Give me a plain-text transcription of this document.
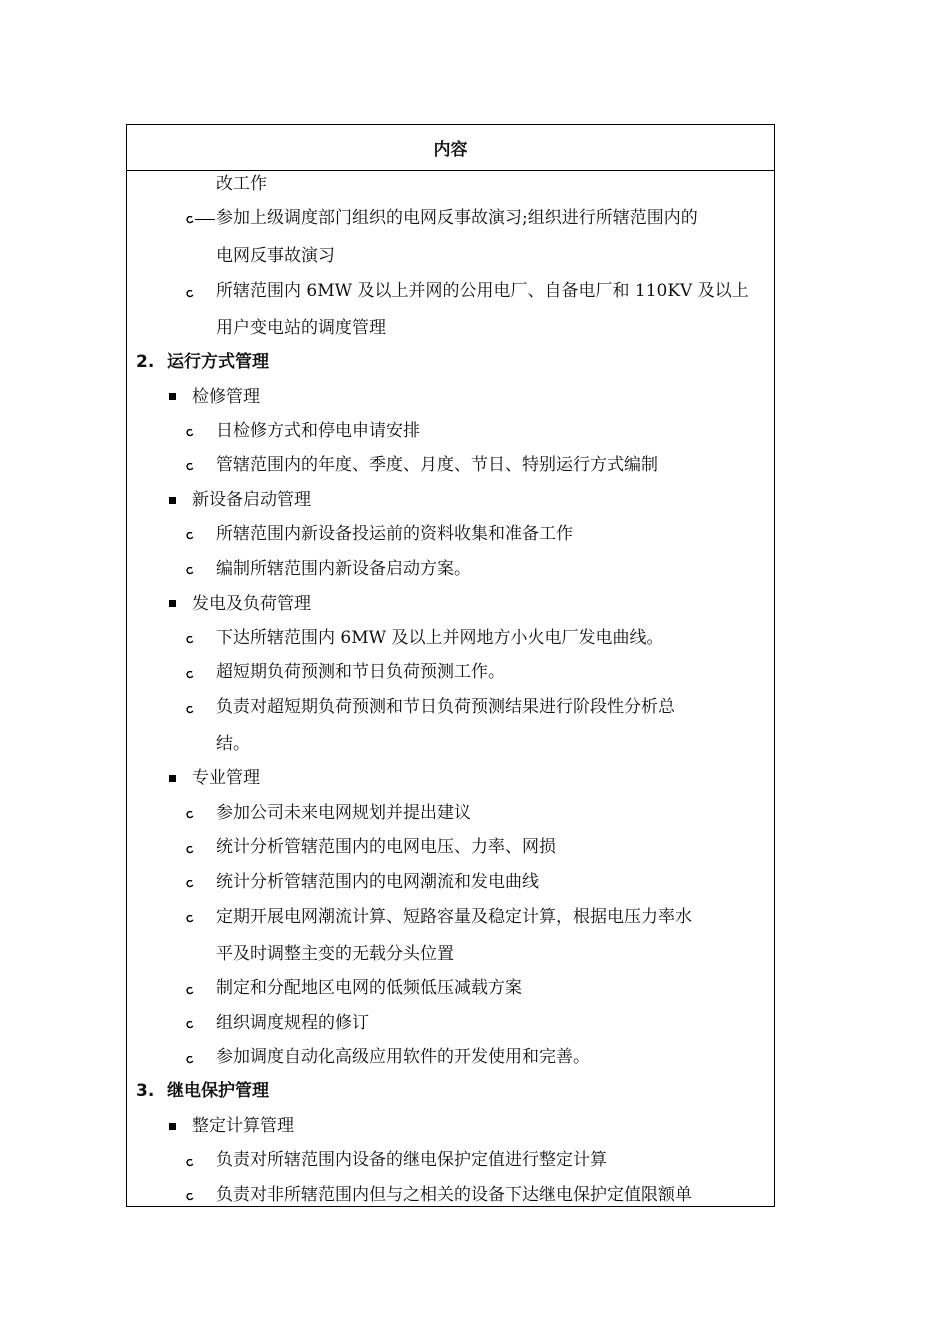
内容
改工作
参加上级调度部门组织的电网反事故演习;组织进行所辖范围内的
电网反事故演习
所辖范围内 6MW 及以上并网的公用电厂、自备电厂和 110KV 及以上
用户变电站的调度管理
2. 运行方式管理
检修管理
日检修方式和停电申请安排
管辖范围内的年度、季度、月度、节日、特别运行方式编制
新设备启动管理
所辖范围内新设备投运前的资料收集和准备工作
编制所辖范围内新设备启动方案。
发电及负荷管理
下达所辖范围内 6MW 及以上并网地方小火电厂发电曲线。
超短期负荷预测和节日负荷预测工作。
负责对超短期负荷预测和节日负荷预测结果进行阶段性分析总
结。
专业管理
参加公司未来电网规划并提出建议
统计分析管辖范围内的电网电压、力率、网损
统计分析管辖范围内的电网潮流和发电曲线
定期开展电网潮流计算、短路容量及稳定计算，根据电压力率水
平及时调整主变的无载分头位置
制定和分配地区电网的低频低压减载方案
组织调度规程的修订
参加调度自动化高级应用软件的开发使用和完善。
3. 继电保护管理
整定计算管理
负责对所辖范围内设备的继电保护定值进行整定计算
负责对非所辖范围内但与之相关的设备下达继电保护定值限额单
